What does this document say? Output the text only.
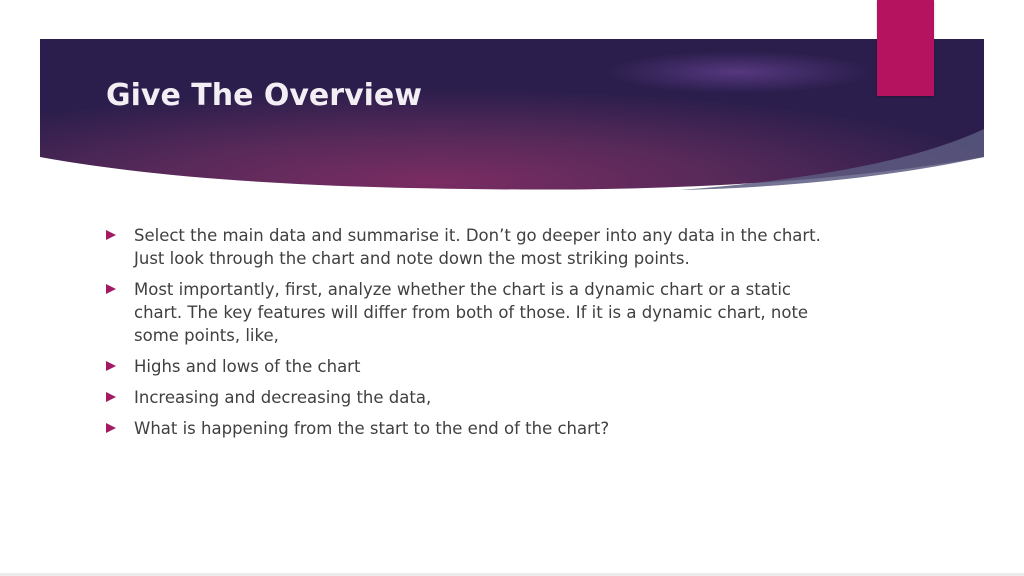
Give The Overview
Select the main data and summarise it. Don’t go deeper into any data in the chart. Just look through the chart and note down the most striking points.
Most importantly, first, analyze whether the chart is a dynamic chart or a static chart. The key features will differ from both of those. If it is a dynamic chart, note some points, like,
Highs and lows of the chart
Increasing and decreasing the data,
What is happening from the start to the end of the chart?
